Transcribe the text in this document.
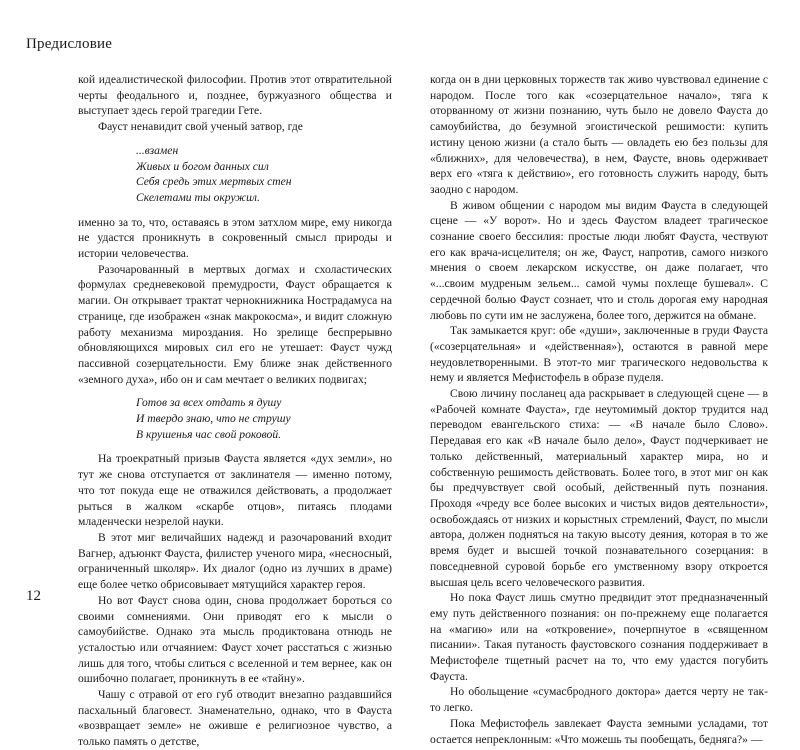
Предисловие

кой идеалистической философии. Против этот отвратительной черты феодального и, позднее, буржуазного общества и выступает здесь герой трагедии Гете.

Фауст ненавидит свой ученый затвор, где

...взамен
Живых и богом данных сил
Себя средь этих мертвых стен
Скелетами ты окружил.

именно за то, что, оставаясь в этом затхлом мире, ему никогда не удастся проникнуть в сокровенный смысл природы и истории человечества.

Разочарованный в мертвых догмах и схоластических формулах средневековой премудрости, Фауст обращается к магии. Он открывает трактат чернокнижника Нострадамуса на странице, где изображен «знак макрокосма», и видит сложную работу механизма мироздания. Но зрелище беспрерывно обновляющихся мировых сил его не утешает: Фауст чужд пассивной созерцательности. Ему ближе знак действенного «земного духа», ибо он и сам мечтает о великих подвигах;

Готов за всех отдать я душу
И твердо знаю, что не струшу
В крушенья час свой роковой.

На троекратный призыв Фауста является «дух земли», но тут же снова отступается от заклинателя — именно потому, что тот покуда еще не отважился действовать, а продолжает рыться в жалком «скарбе отцов», питаясь плодами младенчески незрелой науки.

В этот миг величайших надежд и разочарований входит Вагнер, адъюнкт Фауста, филистер ученого мира, «несносный, ограниченный школяр». Их диалог (одно из лучших в драме) еще более четко обрисовывает мятущийся характер героя.

Но вот Фауст снова один, снова продолжает бороться со своими сомнениями. Они приводят его к мысли о самоубийстве. Однако эта мысль продиктована отнюдь не усталостью или отчаянием: Фауст хочет расстаться с жизнью лишь для того, чтобы слиться с вселенной и тем вернее, как он ошибочно полагает, проникнуть в ее «тайну».

Чашу с отравой от его губ отводит внезапно раздавшийся пасхальный благовест. Знаменательно, однако, что в Фауста «возвращает земле» не оживше е религиозное чувство, а только память о детстве,

когда он в дни церковных торжеств так живо чувствовал единение с народом. После того как «созерцательное начало», тяга к оторванному от жизни познанию, чуть было не довело Фауста до самоубийства, до безумной эгоистической решимости: купить истину ценою жизни (а стало быть — овладеть ею без пользы для «ближних», для человечества), в нем, Фаусте, вновь одерживает верх его «тяга к действию», его готовность служить народу, быть заодно с народом.

В живом общении с народом мы видим Фауста в следующей сцене — «У ворот». Но и здесь Фаустом владеет трагическое сознание своего бессилия: простые люди любят Фауста, чествуют его как врача-исцелителя; он же, Фауст, напротив, самого низкого мнения о своем лекарском искусстве, он даже полагает, что «...своим мудреным зельем... самой чумы похлеще бушевал». С сердечной болью Фауст сознает, что и столь дорогая ему народная любовь по сути им не заслужена, более того, держится на обмане.

Так замыкается круг: обе «души», заключенные в груди Фауста («созерцательная» и «действенная»), остаются в равной мере неудовлетворенными. В этот-то миг трагического недовольства к нему и является Мефистофель в образе пуделя.

Свою личину посланец ада раскрывает в следующей сцене — в «Рабочей комнате Фауста», где неутомимый доктор трудится над переводом евангельского стиха: — «В начале было Слово». Передавая его как «В начале было дело», Фауст подчеркивает не только действенный, материальный характер мира, но и собственную решимость действовать. Более того, в этот миг он как бы предчувствует свой особый, действенный путь познания. Проходя «чреду все более высоких и чистых видов деятельности», освобождаясь от низких и корыстных стремлений, Фауст, по мысли автора, должен подняться на такую высоту деяния, которая в то же время будет и высшей точкой познавательного созерцания: в повседневной суровой борьбе его умственному взору откроется высшая цель всего человеческого развития.

Но пока Фауст лишь смутно предвидит этот предназначенный ему путь действенного познания: он по-прежнему еще полагается на «магию» или на «откровение», почерпнутое в «священном писании». Такая путаность фаустовского сознания поддерживает в Мефистофеле тщетный расчет на то, что ему удастся погубить Фауста.

Но обольщение «сумасбродного доктора» дается черту не так-то легко.

Пока Мефистофель завлекает Фауста земными усладами, тот остается непреклонным: «Что можешь ты пообещать, бедняга?» —

12
